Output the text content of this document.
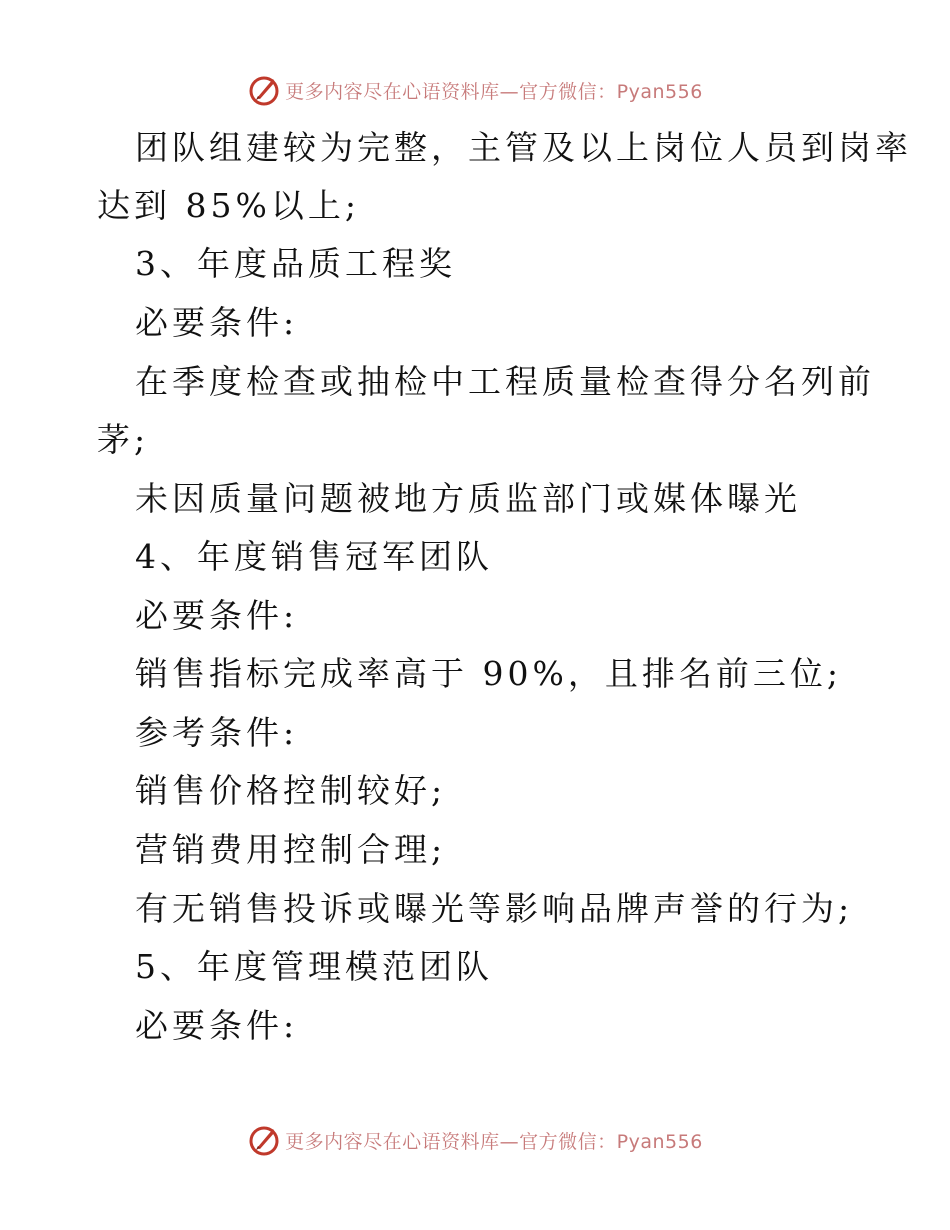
更多内容尽在心语资料库—官方微信：Pyan556
团队组建较为完整，主管及以上岗位人员到岗率
达到 85%以上;
3、年度品质工程奖
必要条件:
在季度检查或抽检中工程质量检查得分名列前
茅;
未因质量问题被地方质监部门或媒体曝光
4、年度销售冠军团队
必要条件:
销售指标完成率高于 90%，且排名前三位;
参考条件:
销售价格控制较好;
营销费用控制合理;
有无销售投诉或曝光等影响品牌声誉的行为;
5、年度管理模范团队
必要条件:
更多内容尽在心语资料库—官方微信：Pyan556
